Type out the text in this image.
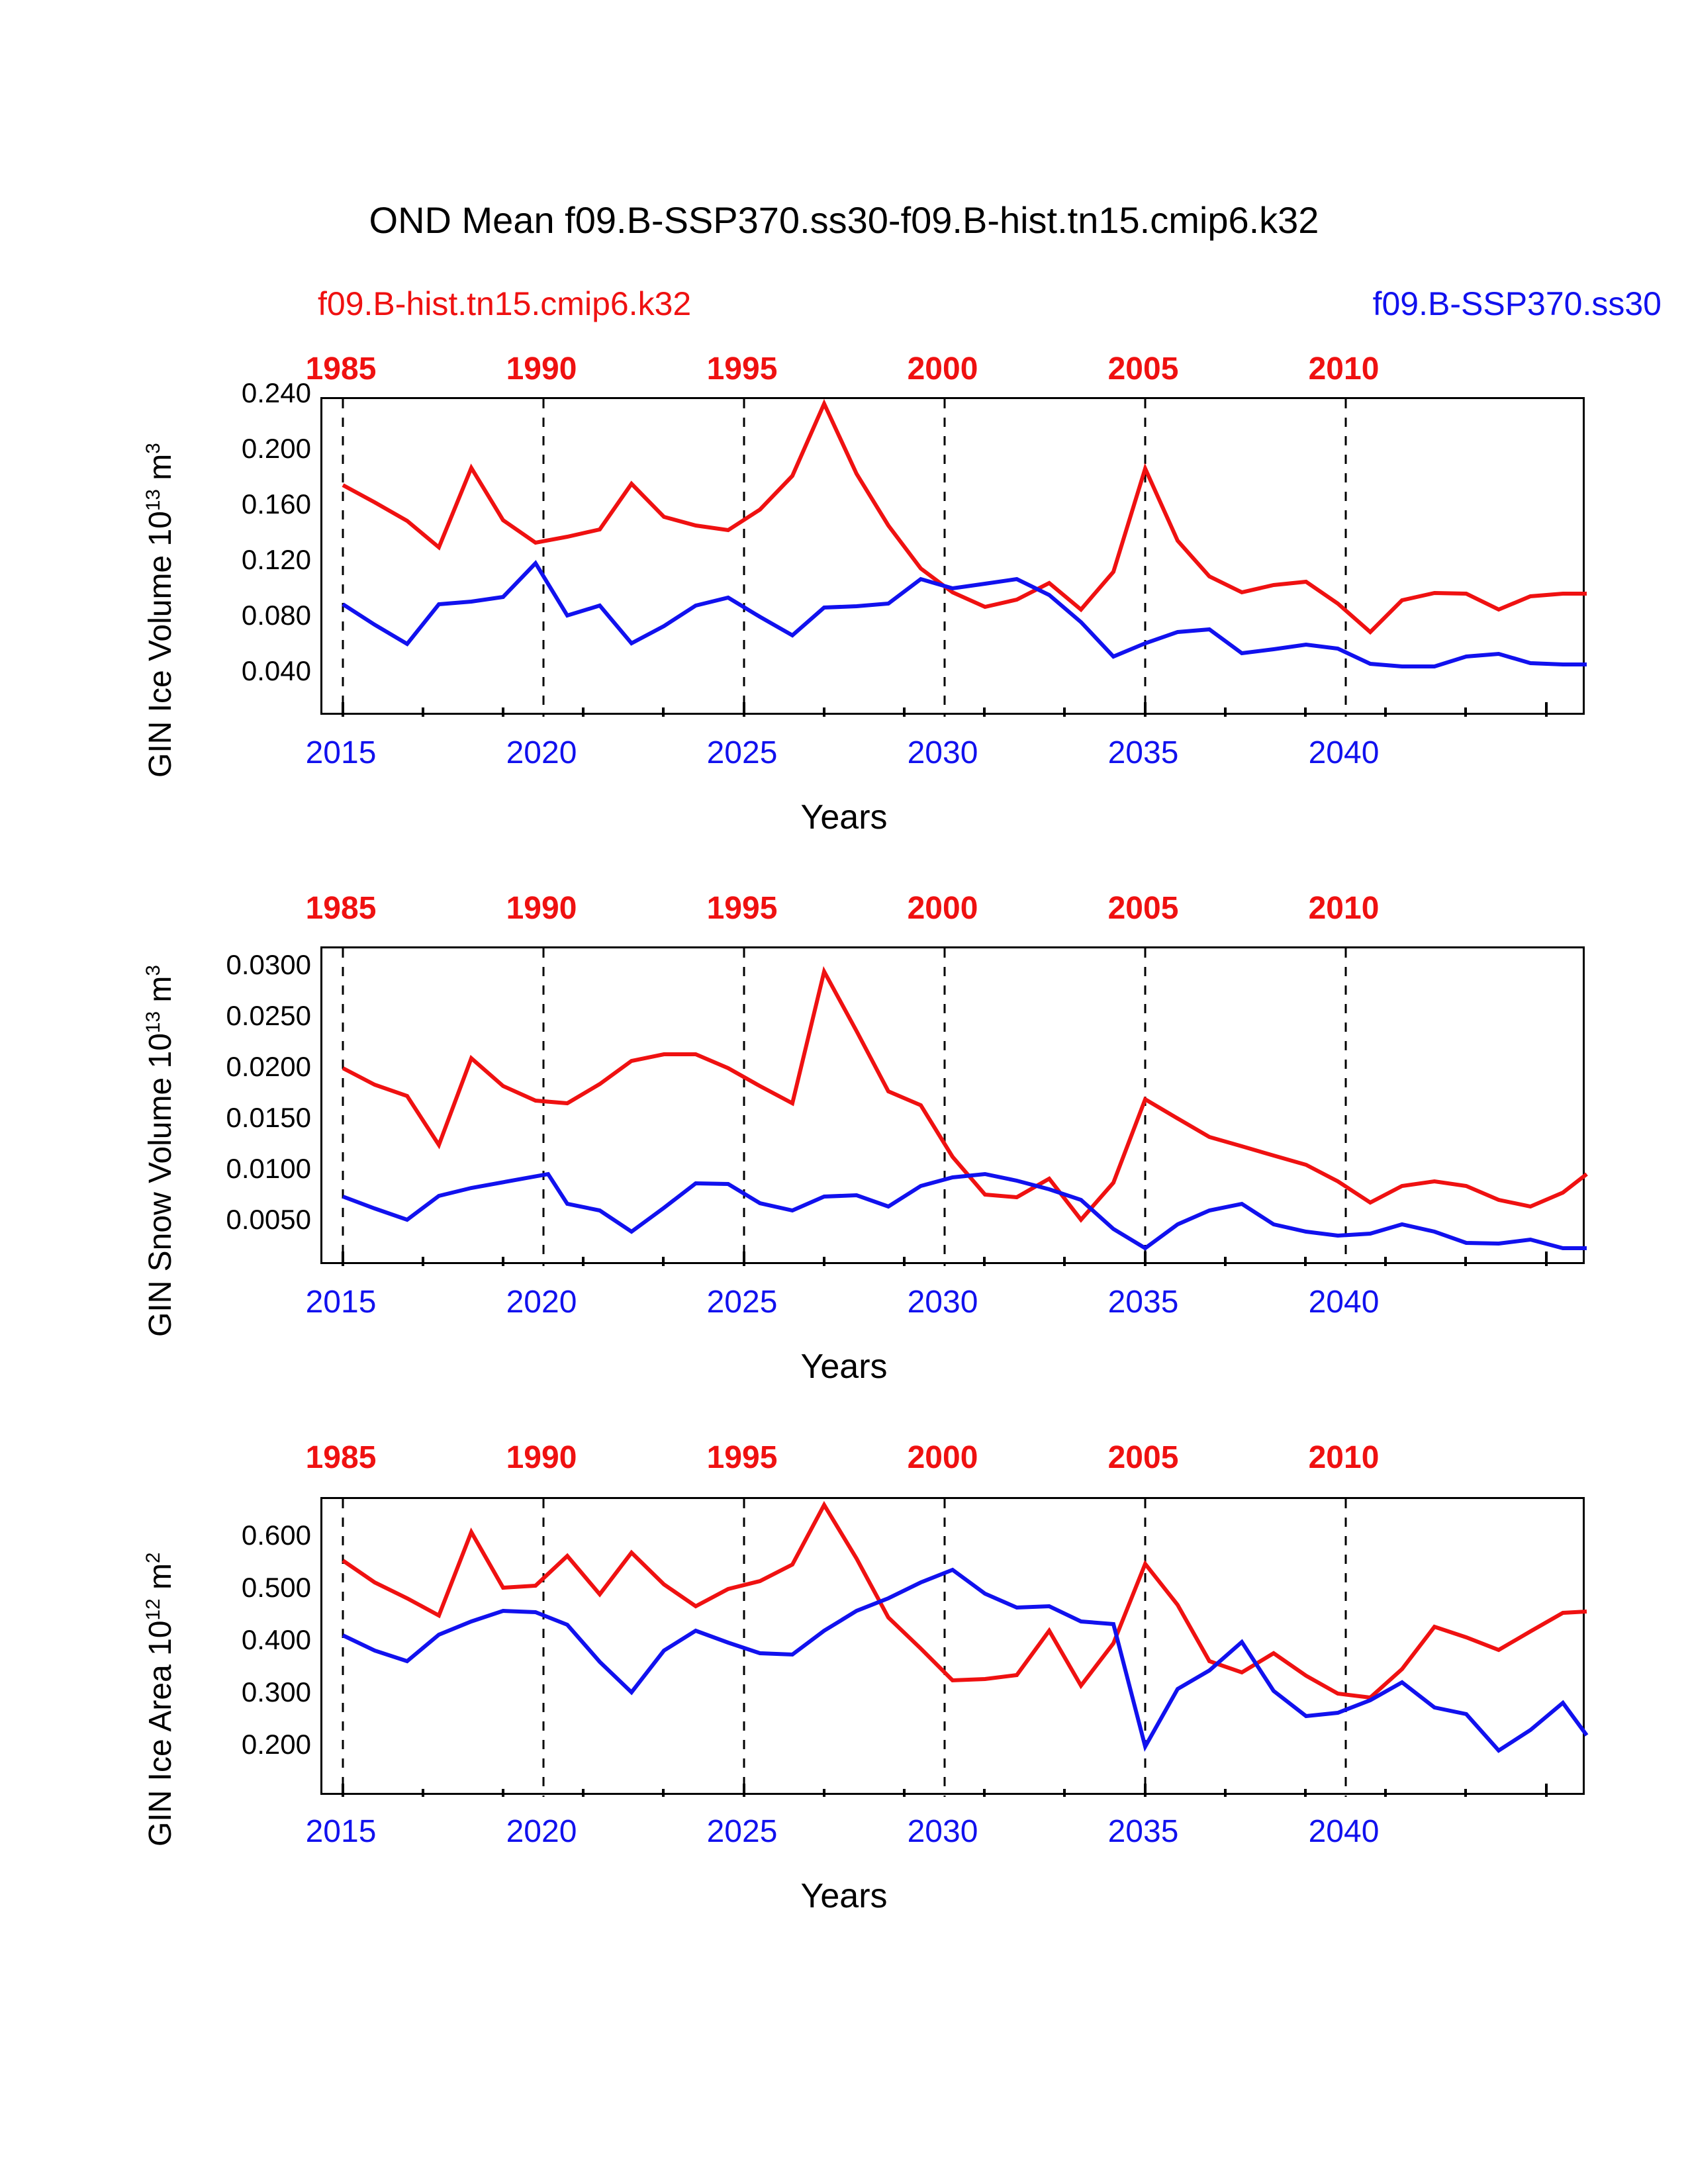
OND Mean f09.B-SSP370.ss30-f09.B-hist.tn15.cmip6.k32
f09.B-hist.tn15.cmip6.k32	f09.B-SSP370.ss30
1985	1990	1995	2000	2005	2010
GIN Ice Volume $10^{13}$ $m^3$
0.040
0.080
0.120
0.160
0.200
0.240
2015	2020	2025	2030	2035	2040
Years
1985	1990	1995	2000	2005	2010
GIN Snow Volume $10^{13}$ $m^3$
0.0050
0.0100
0.0150
0.0200
0.0250
0.0300
2015	2020	2025	2030	2035	2040
Years
1985	1990	1995	2000	2005	2010
GIN Ice Area $10^{12}$ $m^2$
0.200
0.300
0.400
0.500
0.600
2015	2020	2025	2030	2035	2040
Years
